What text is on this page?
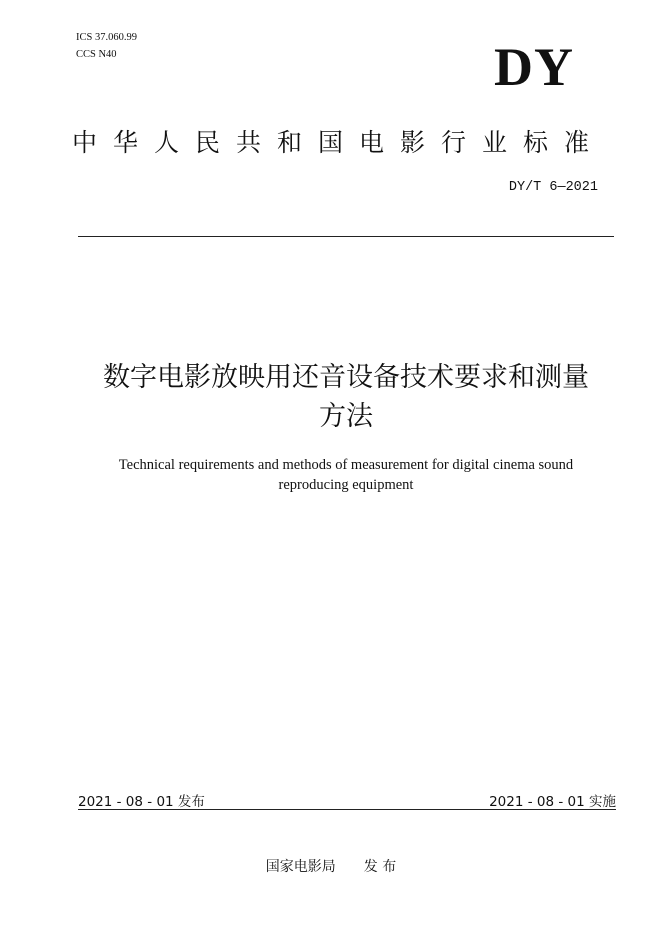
ICS 37.060.99
CCS N40	DY
中华人民共和国电影行业标准
DY/T 6—2021
数字电影放映用还音设备技术要求和测量
方法
Technical requirements and methods of measurement for digital cinema sound
reproducing equipment
2021 - 08 - 01 发布	2021 - 08 - 01 实施
国家电影局 发 布
